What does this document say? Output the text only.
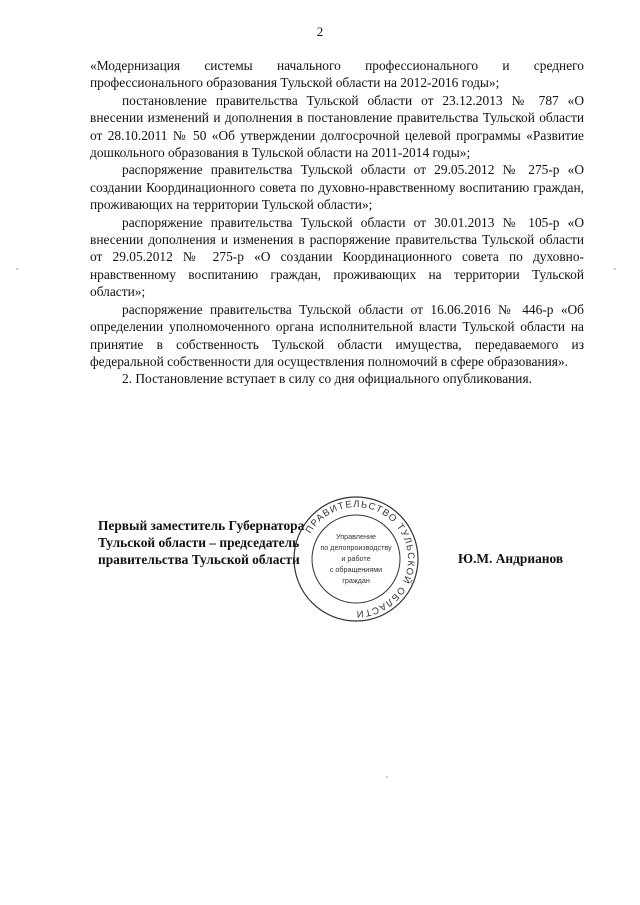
2

«Модернизация системы начального профессионального и среднего профессионального образования Тульской области на 2012-2016 годы»;

постановление правительства Тульской области от 23.12.2013 № 787 «О внесении изменений и дополнения в постановление правительства Тульской области от 28.10.2011 № 50 «Об утверждении долгосрочной целевой программы «Развитие дошкольного образования в Тульской области на 2011-2014 годы»;

распоряжение правительства Тульской области от 29.05.2012 № 275-р «О создании Координационного совета по духовно-нравственному воспитанию граждан, проживающих на территории Тульской области»;

распоряжение правительства Тульской области от 30.01.2013 № 105-р «О внесении дополнения и изменения в распоряжение правительства Тульской области от 29.05.2012 № 275-р «О создании Координационного совета по духовно-нравственному воспитанию граждан, проживающих на территории Тульской области»;

распоряжение правительства Тульской области от 16.06.2016 № 446-р «Об определении уполномоченного органа исполнительной власти Тульской области на принятие в собственность Тульской области имущества, передаваемого из федеральной собственности для осуществления полномочий в сфере образования».

2. Постановление вступает в силу со дня официального опубликования.

Первый заместитель Губернатора
Тульской области – председатель
правительства Тульской области	Ю.М. Андрианов
ПРАВИТЕЛЬСТВО ТУЛЬСКОЙ ОБЛАСТИ
Управление
по делопроизводству
и работе
с обращениями
граждан
